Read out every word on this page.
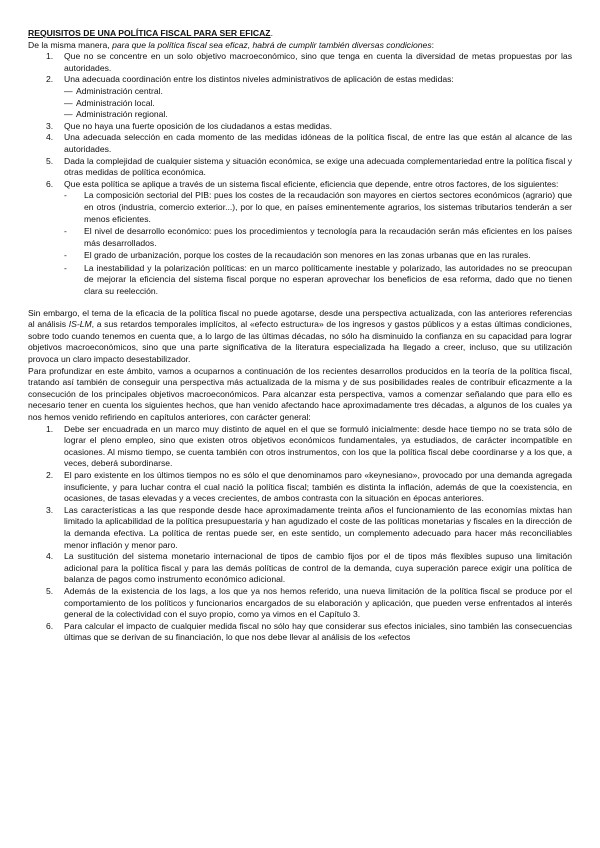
REQUISITOS DE UNA POLÍTICA FISCAL PARA SER EFICAZ.
De la misma manera, para que la política fiscal sea eficaz, habrá de cumplir también diversas condiciones:
1. Que no se concentre en un solo objetivo macroeconómico, sino que tenga en cuenta la diversidad de metas propuestas por las autoridades.
2. Una adecuada coordinación entre los distintos niveles administrativos de aplicación de estas medidas:
— Administración central.
— Administración local.
— Administración regional.
3. Que no haya una fuerte oposición de los ciudadanos a estas medidas.
4. Una adecuada selección en cada momento de las medidas idóneas de la política fiscal, de entre las que están al alcance de las autoridades.
5. Dada la complejidad de cualquier sistema y situación económica, se exige una adecuada complementariedad entre la política fiscal y otras medidas de política económica.
6. Que esta política se aplique a través de un sistema fiscal eficiente, eficiencia que depende, entre otros factores, de los siguientes:
- La composición sectorial del PIB: pues los costes de la recaudación son mayores en ciertos sectores económicos (agrario) que en otros (industria, comercio exterior...), por lo que, en países eminentemente agrarios, los sistemas tributarios tenderán a ser menos eficientes.
- El nivel de desarrollo económico: pues los procedimientos y tecnología para la recaudación serán más eficientes en los países más desarrollados.
- El grado de urbanización, porque los costes de la recaudación son menores en las zonas urbanas que en las rurales.
- La inestabilidad y la polarización políticas: en un marco políticamente inestable y polarizado, las autoridades no se preocupan de mejorar la eficiencia del sistema fiscal porque no esperan aprovechar los beneficios de esa reforma, dado que no tienen clara su reelección.

Sin embargo, el tema de la eficacia de la política fiscal no puede agotarse, desde una perspectiva actualizada, con las anteriores referencias al análisis IS-LM, a sus retardos temporales implícitos, al «efecto estructura» de los ingresos y gastos públicos y a estas últimas condiciones, sobre todo cuando tenemos en cuenta que, a lo largo de las últimas décadas, no sólo ha disminuido la confianza en su capacidad para lograr objetivos macroeconómicos, sino que una parte significativa de la literatura especializada ha llegado a creer, incluso, que su utilización provoca un claro impacto desestabilizador.

Para profundizar en este ámbito, vamos a ocuparnos a continuación de los recientes desarrollos producidos en la teoría de la política fiscal, tratando así también de conseguir una perspectiva más actualizada de la misma y de sus posibilidades reales de contribuir eficazmente a la consecución de los principales objetivos macroeconómicos. Para alcanzar esta perspectiva, vamos a comenzar señalando que para ello es necesario tener en cuenta los siguientes hechos, que han venido afectando hace aproximadamente tres décadas, a algunos de los cuales ya nos hemos venido refiriendo en capítulos anteriores, con carácter general:

1. Debe ser encuadrada en un marco muy distinto de aquel en el que se formuló inicialmente: desde hace tiempo no se trata sólo de lograr el pleno empleo, sino que existen otros objetivos económicos fundamentales, ya estudiados, de carácter incompatible en ocasiones. Al mismo tiempo, se cuenta también con otros instrumentos, con los que la política fiscal debe coordinarse y a los que, a veces, deberá subordinarse.
2. El paro existente en los últimos tiempos no es sólo el que denominamos paro «keynesiano», provocado por una demanda agregada insuficiente, y para luchar contra el cual nació la política fiscal; también es distinta la inflación, además de que la coexistencia, en ocasiones, de tasas elevadas y a veces crecientes, de ambos contrasta con la situación en épocas anteriores.
3. Las características a las que responde desde hace aproximadamente treinta años el funcionamiento de las economías mixtas han limitado la aplicabilidad de la política presupuestaria y han agudizado el coste de las políticas monetarias y fiscales en la dirección de la demanda efectiva. La política de rentas puede ser, en este sentido, un complemento adecuado para hacer más reconciliables menor inflación y menor paro.
4. La sustitución del sistema monetario internacional de tipos de cambio fijos por el de tipos más flexibles supuso una limitación adicional para la política fiscal y para las demás políticas de control de la demanda, cuya superación parece exigir una política de balanza de pagos como instrumento económico adicional.
5. Además de la existencia de los lags, a los que ya nos hemos referido, una nueva limitación de la política fiscal se produce por el comportamiento de los políticos y funcionarios encargados de su elaboración y aplicación, que pueden verse enfrentados al interés general de la colectividad con el suyo propio, como ya vimos en el Capítulo 3.
6. Para calcular el impacto de cualquier medida fiscal no sólo hay que considerar sus efectos iniciales, sino también las consecuencias últimas que se derivan de su financiación, lo que nos debe llevar al análisis de los «efectos
